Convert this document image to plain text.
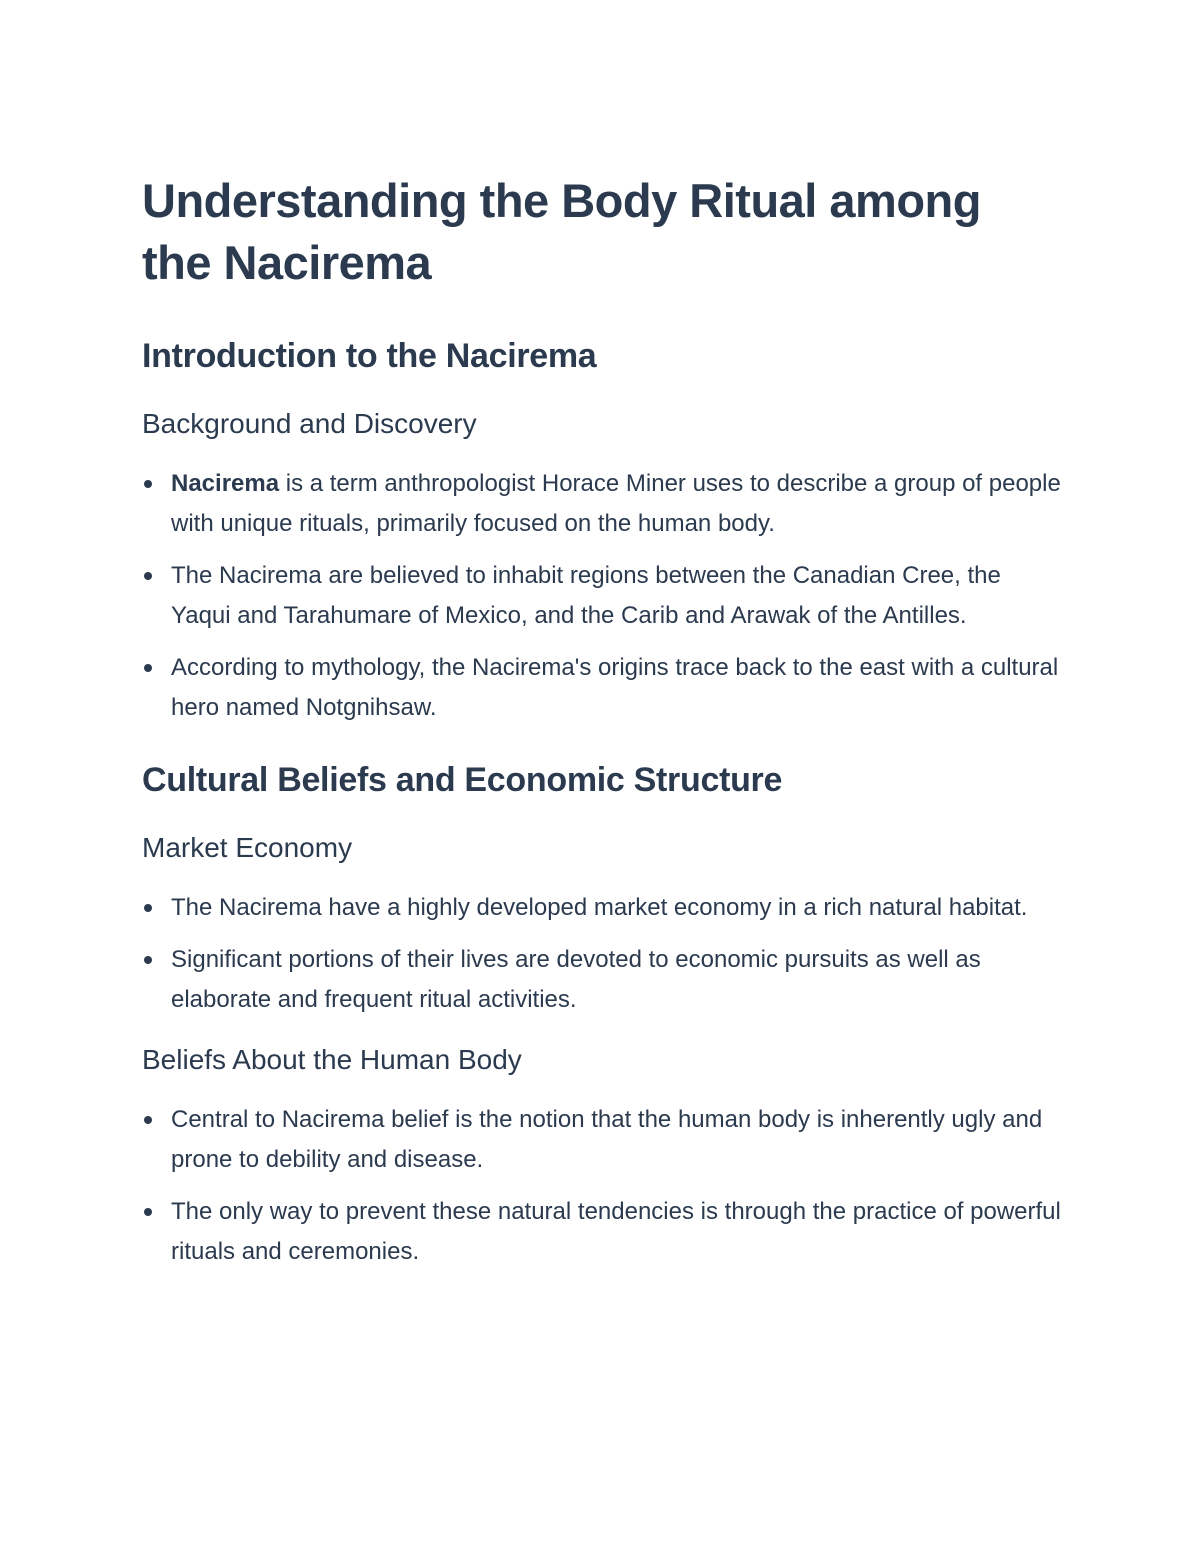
Understanding the Body Ritual among the Nacirema
Introduction to the Nacirema
Background and Discovery
Nacirema is a term anthropologist Horace Miner uses to describe a group of people with unique rituals, primarily focused on the human body.
The Nacirema are believed to inhabit regions between the Canadian Cree, the Yaqui and Tarahumare of Mexico, and the Carib and Arawak of the Antilles.
According to mythology, the Nacirema's origins trace back to the east with a cultural hero named Notgnihsaw.
Cultural Beliefs and Economic Structure
Market Economy
The Nacirema have a highly developed market economy in a rich natural habitat.
Significant portions of their lives are devoted to economic pursuits as well as elaborate and frequent ritual activities.
Beliefs About the Human Body
Central to Nacirema belief is the notion that the human body is inherently ugly and prone to debility and disease.
The only way to prevent these natural tendencies is through the practice of powerful rituals and ceremonies.
